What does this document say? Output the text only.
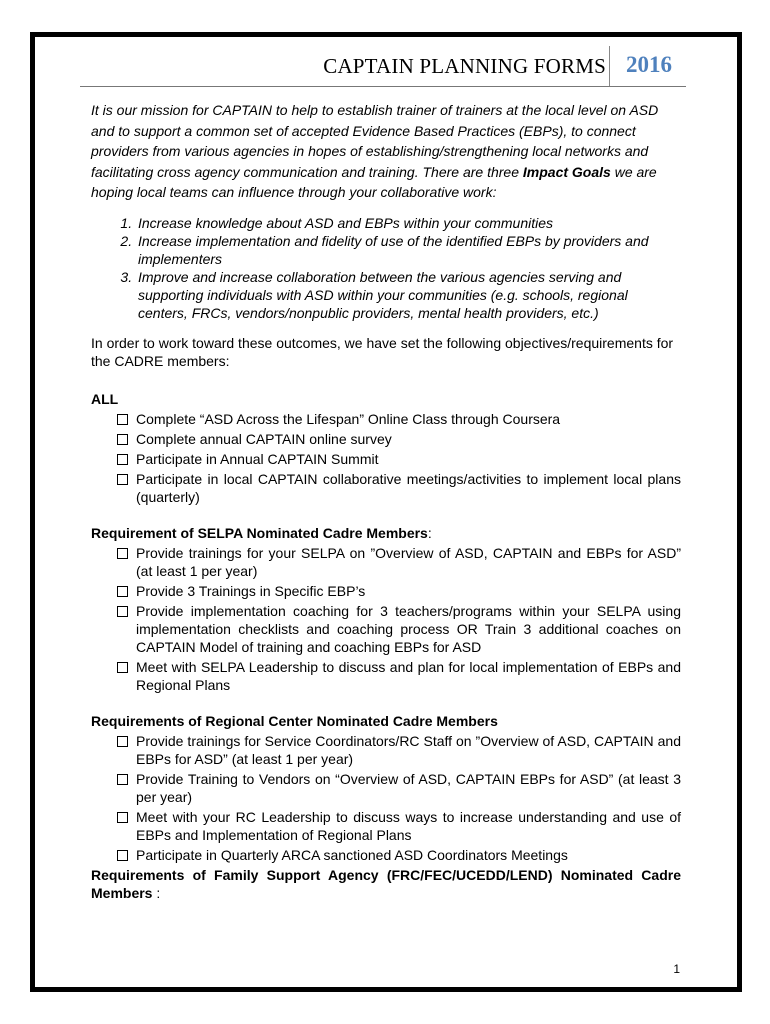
CAPTAIN PLANNING FORMS 2016

It is our mission for CAPTAIN to help to establish trainer of trainers at the local level on ASD and to support a common set of accepted Evidence Based Practices (EBPs), to connect providers from various agencies in hopes of establishing/strengthening local networks and facilitating cross agency communication and training. There are three Impact Goals we are hoping local teams can influence through your collaborative work:

1. Increase knowledge about ASD and EBPs within your communities
2. Increase implementation and fidelity of use of the identified EBPs by providers and implementers
3. Improve and increase collaboration between the various agencies serving and supporting individuals with ASD within your communities (e.g. schools, regional centers, FRCs, vendors/nonpublic providers, mental health providers, etc.)

In order to work toward these outcomes, we have set the following objectives/requirements for the CADRE members:

ALL
Complete “ASD Across the Lifespan” Online Class through Coursera
Complete annual CAPTAIN online survey
Participate in Annual CAPTAIN Summit
Participate in local CAPTAIN collaborative meetings/activities to implement local plans (quarterly)
Requirement of SELPA Nominated Cadre Members:
Provide trainings for your SELPA on ”Overview of ASD, CAPTAIN and EBPs for ASD” (at least 1 per year)
Provide 3 Trainings in Specific EBP’s
Provide implementation coaching for 3 teachers/programs within your SELPA using implementation checklists and coaching process OR Train 3 additional coaches on CAPTAIN Model of training and coaching EBPs for ASD
Meet with SELPA Leadership to discuss and plan for local implementation of EBPs and Regional Plans
Requirements of Regional Center Nominated Cadre Members
Provide trainings for Service Coordinators/RC Staff on ”Overview of ASD, CAPTAIN and EBPs for ASD” (at least 1 per year)
Provide Training to Vendors on “Overview of ASD, CAPTAIN EBPs for ASD” (at least 3 per year)
Meet with your RC Leadership to discuss ways to increase understanding and use of EBPs and Implementation of Regional Plans
Participate in Quarterly ARCA sanctioned ASD Coordinators Meetings
Requirements of Family Support Agency (FRC/FEC/UCEDD/LEND) Nominated Cadre Members :
1
